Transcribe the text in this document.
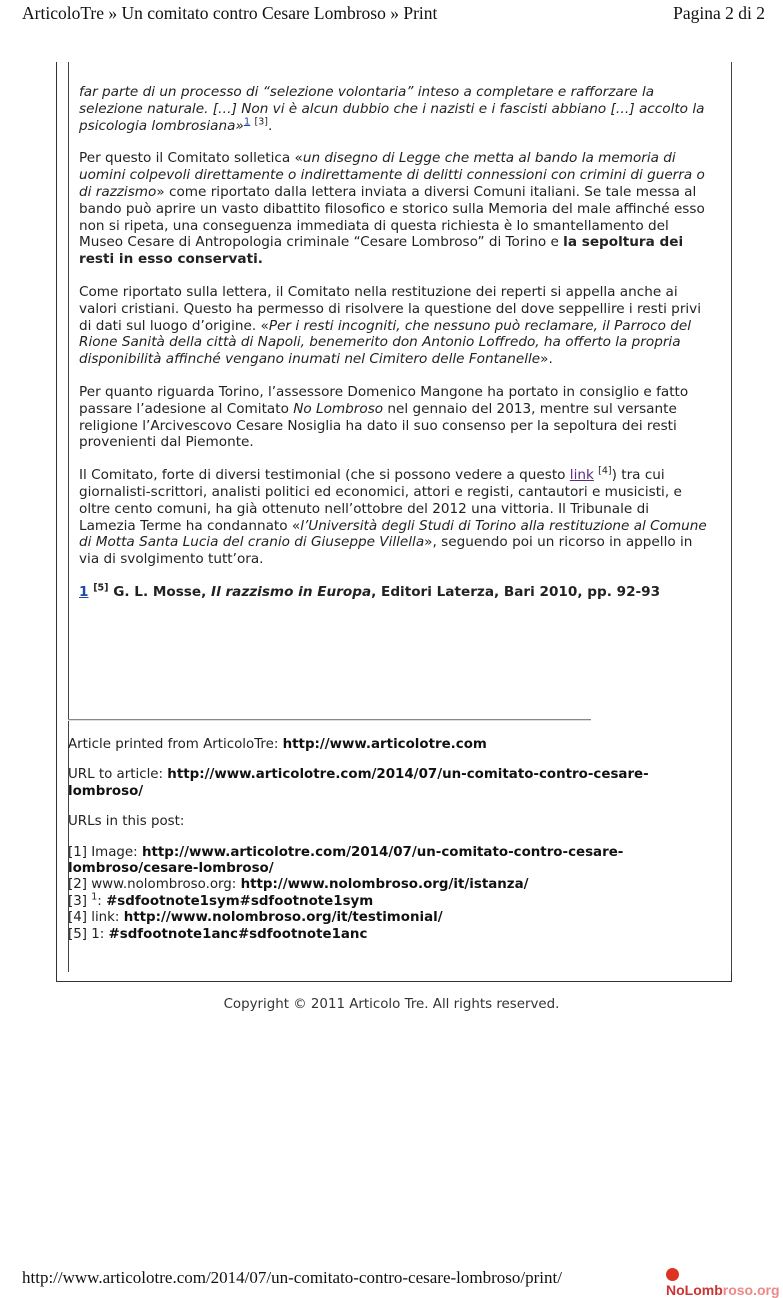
ArticoloTre » Un comitato contro Cesare Lombroso » Print	Pagina 2 di 2

far parte di un processo di “selezione volontaria” inteso a completare e rafforzare la selezione naturale. […] Non vi è alcun dubbio che i nazisti e i fascisti abbiano […] accolto la psicologia lombrosiana»$^1$ [3].

Per questo il Comitato solletica «un disegno di Legge che metta al bando la memoria di uomini colpevoli direttamente o indirettamente di delitti connessioni con crimini di guerra o di razzismo» come riportato dalla lettera inviata a diversi Comuni italiani. Se tale messa al bando può aprire un vasto dibattito filosofico e storico sulla Memoria del male affinché esso non si ripeta, una conseguenza immediata di questa richiesta è lo smantellamento del Museo Cesare di Antropologia criminale “Cesare Lombroso” di Torino e la sepoltura dei resti in esso conservati.

Come riportato sulla lettera, il Comitato nella restituzione dei reperti si appella anche ai valori cristiani. Questo ha permesso di risolvere la questione del dove seppellire i resti privi di dati sul luogo d’origine. «Per i resti incogniti, che nessuno può reclamare, il Parroco del Rione Sanità della città di Napoli, benemerito don Antonio Loffredo, ha offerto la propria disponibilità affinché vengano inumati nel Cimitero delle Fontanelle».

Per quanto riguarda Torino, l’assessore Domenico Mangone ha portato in consiglio e fatto passare l’adesione al Comitato No Lombroso nel gennaio del 2013, mentre sul versante religione l’Arcivescovo Cesare Nosiglia ha dato il suo consenso per la sepoltura dei resti provenienti dal Piemonte.

Il Comitato, forte di diversi testimonial (che si possono vedere a questo link [4]) tra cui giornalisti-scrittori, analisti politici ed economici, attori e registi, cantautori e musicisti, e oltre cento comuni, ha già ottenuto nell’ottobre del 2012 una vittoria. Il Tribunale di Lamezia Terme ha condannato «l’Università degli Studi di Torino alla restituzione al Comune di Motta Santa Lucia del cranio di Giuseppe Villella», seguendo poi un ricorso in appello in via di svolgimento tutt’ora.

1 [5] G. L. Mosse, Il razzismo in Europa, Editori Laterza, Bari 2010, pp. 92-93

Article printed from ArticoloTre: http://www.articolotre.com

URL to article: http://www.articolotre.com/2014/07/un-comitato-contro-cesare-lombroso/

URLs in this post:

[1] Image: http://www.articolotre.com/2014/07/un-comitato-contro-cesare-lombroso/cesare-lombroso/

[2] www.nolombroso.org: http://www.nolombroso.org/it/istanza/

[3] $^1$: #sdfootnote1sym#sdfootnote1sym

[4] link: http://www.nolombroso.org/it/testimonial/

[5] 1: #sdfootnote1anc#sdfootnote1anc

Copyright © 2011 Articolo Tre. All rights reserved.
http://www.articolotre.com/2014/07/un-comitato-contro-cesare-lombroso/print/
NoLombroso.org
